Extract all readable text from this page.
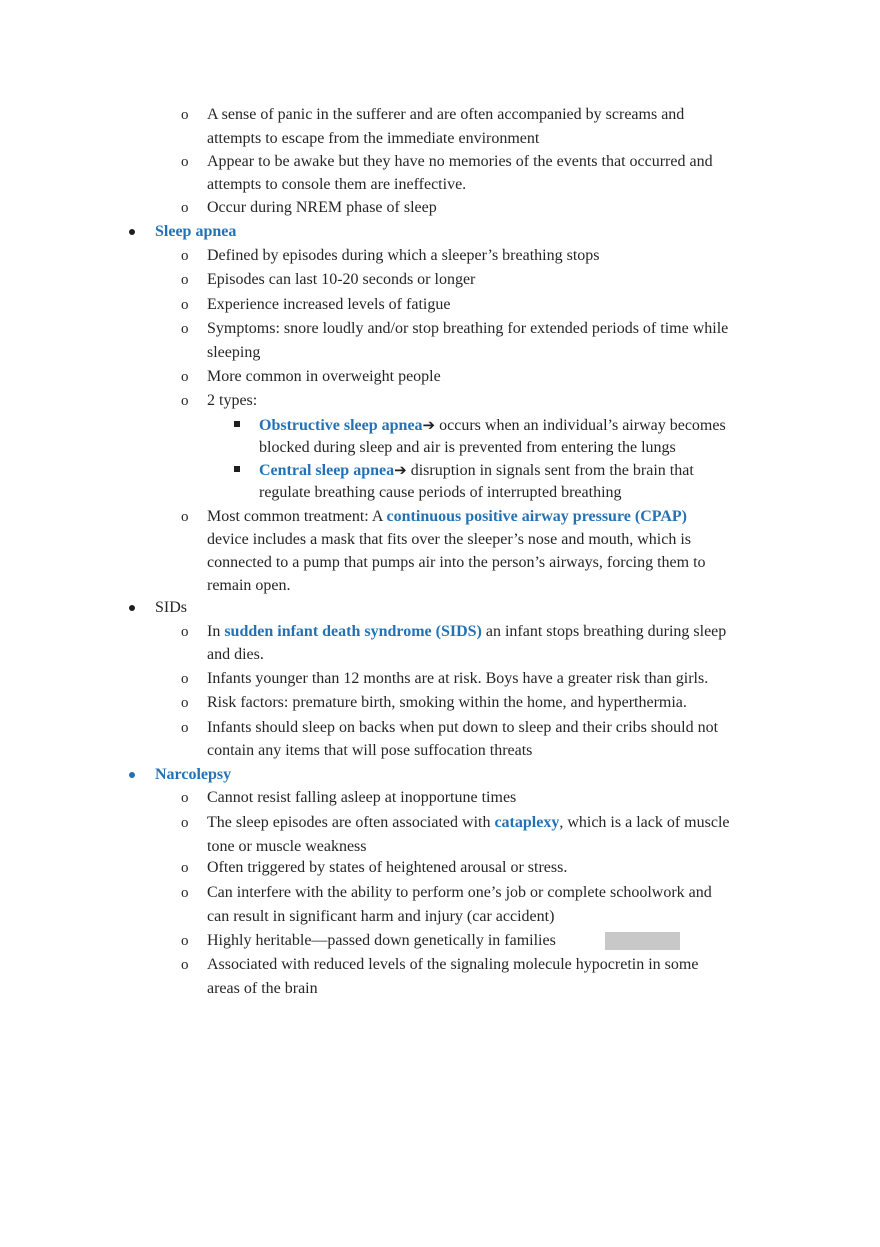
o A sense of panic in the sufferer and are often accompanied by screams and
attempts to escape from the immediate environment
o Appear to be awake but they have no memories of the events that occurred and
attempts to console them are ineffective.
o Occur during NREM phase of sleep
Sleep apnea
o Defined by episodes during which a sleeper’s breathing stops
o Episodes can last 10-20 seconds or longer
o Experience increased levels of fatigue
o Symptoms: snore loudly and/or stop breathing for extended periods of time while
sleeping
o More common in overweight people
o 2 types:
Obstructive sleep apnea➔ occurs when an individual’s airway becomes
blocked during sleep and air is prevented from entering the lungs
Central sleep apnea➔ disruption in signals sent from the brain that
regulate breathing cause periods of interrupted breathing
o Most common treatment: A continuous positive airway pressure (CPAP)
device includes a mask that fits over the sleeper’s nose and mouth, which is
connected to a pump that pumps air into the person’s airways, forcing them to
remain open.
SIDs
o In sudden infant death syndrome (SIDS) an infant stops breathing during sleep
and dies.
o Infants younger than 12 months are at risk. Boys have a greater risk than girls.
o Risk factors: premature birth, smoking within the home, and hyperthermia.
o Infants should sleep on backs when put down to sleep and their cribs should not
contain any items that will pose suffocation threats
Narcolepsy
o Cannot resist falling asleep at inopportune times
o The sleep episodes are often associated with cataplexy, which is a lack of muscle
tone or muscle weakness
o Often triggered by states of heightened arousal or stress.
o Can interfere with the ability to perform one’s job or complete schoolwork and
can result in significant harm and injury (car accident)
o Highly heritable—passed down genetically in families
o Associated with reduced levels of the signaling molecule hypocretin in some
areas of the brain
